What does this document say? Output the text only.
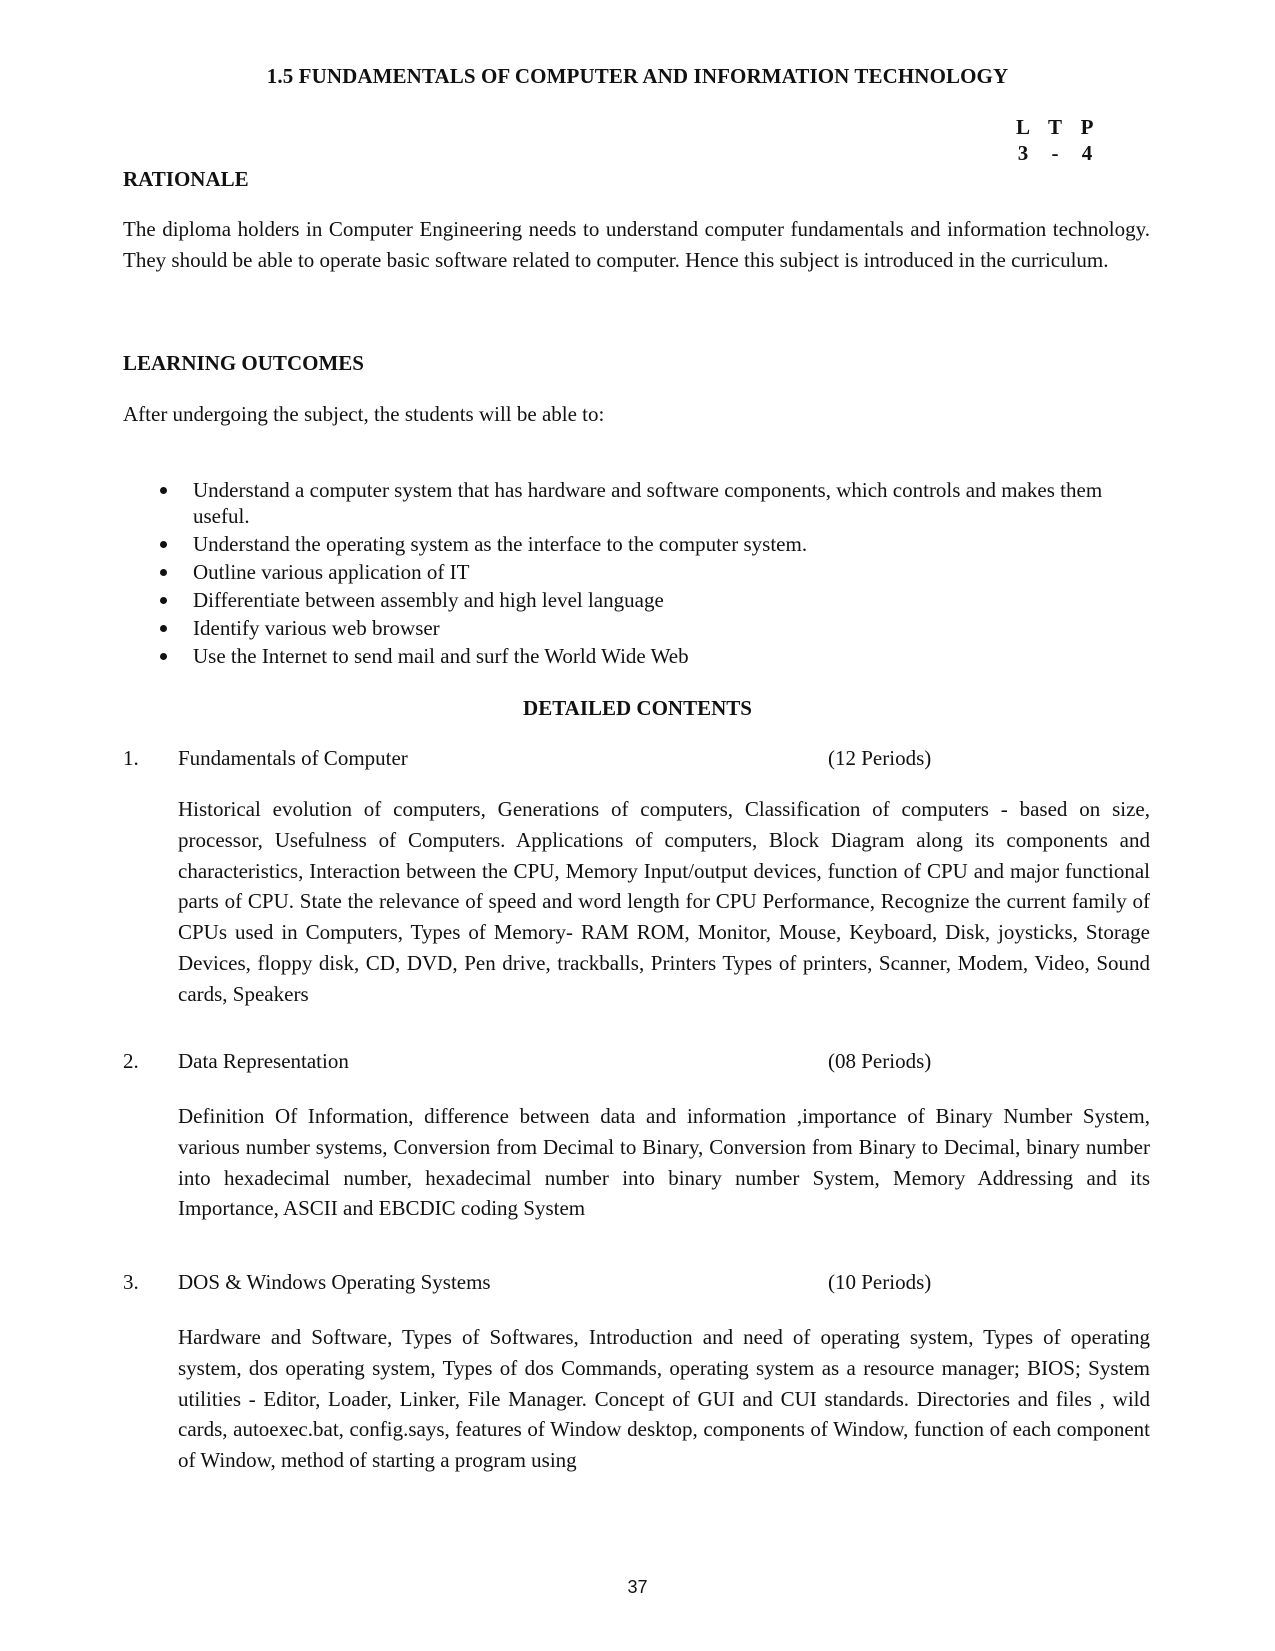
1.5 FUNDAMENTALS OF COMPUTER AND INFORMATION TECHNOLOGY
L T P
3	-	4
RATIONALE

The diploma holders in Computer Engineering needs to understand computer fundamentals and information technology. They should be able to operate basic software related to computer. Hence this subject is introduced in the curriculum.

LEARNING OUTCOMES
After undergoing the subject, the students will be able to:
Understand a computer system that has hardware and software components, which controls and makes them useful.
Understand the operating system as the interface to the computer system.
Outline various application of IT
Differentiate between assembly and high level language
Identify various web browser
Use the Internet to send mail and surf the World Wide Web
DETAILED CONTENTS
1. Fundamentals of Computer	(12 Periods)

Historical evolution of computers, Generations of computers, Classification of computers - based on size, processor, Usefulness of Computers. Applications of computers, Block Diagram along its components and characteristics, Interaction between the CPU, Memory Input/output devices, function of CPU and major functional parts of CPU. State the relevance of speed and word length for CPU Performance, Recognize the current family of CPUs used in Computers, Types of Memory- RAM ROM, Monitor, Mouse, Keyboard, Disk, joysticks, Storage Devices, floppy disk, CD, DVD, Pen drive, trackballs, Printers Types of printers, Scanner, Modem, Video, Sound cards, Speakers

2. Data Representation	(08 Periods)

Definition Of Information, difference between data and information ,importance of Binary Number System, various number systems, Conversion from Decimal to Binary, Conversion from Binary to Decimal, binary number into hexadecimal number, hexadecimal number into binary number System, Memory Addressing and its Importance, ASCII and EBCDIC coding System

3. DOS & Windows Operating Systems	(10 Periods)

Hardware and Software, Types of Softwares, Introduction and need of operating system, Types of operating system, dos operating system, Types of dos Commands, operating system as a resource manager; BIOS; System utilities - Editor, Loader, Linker, File Manager. Concept of GUI and CUI standards. Directories and files , wild cards, autoexec.bat, config.says, features of Window desktop, components of Window, function of each component of Window, method of starting a program using

37
